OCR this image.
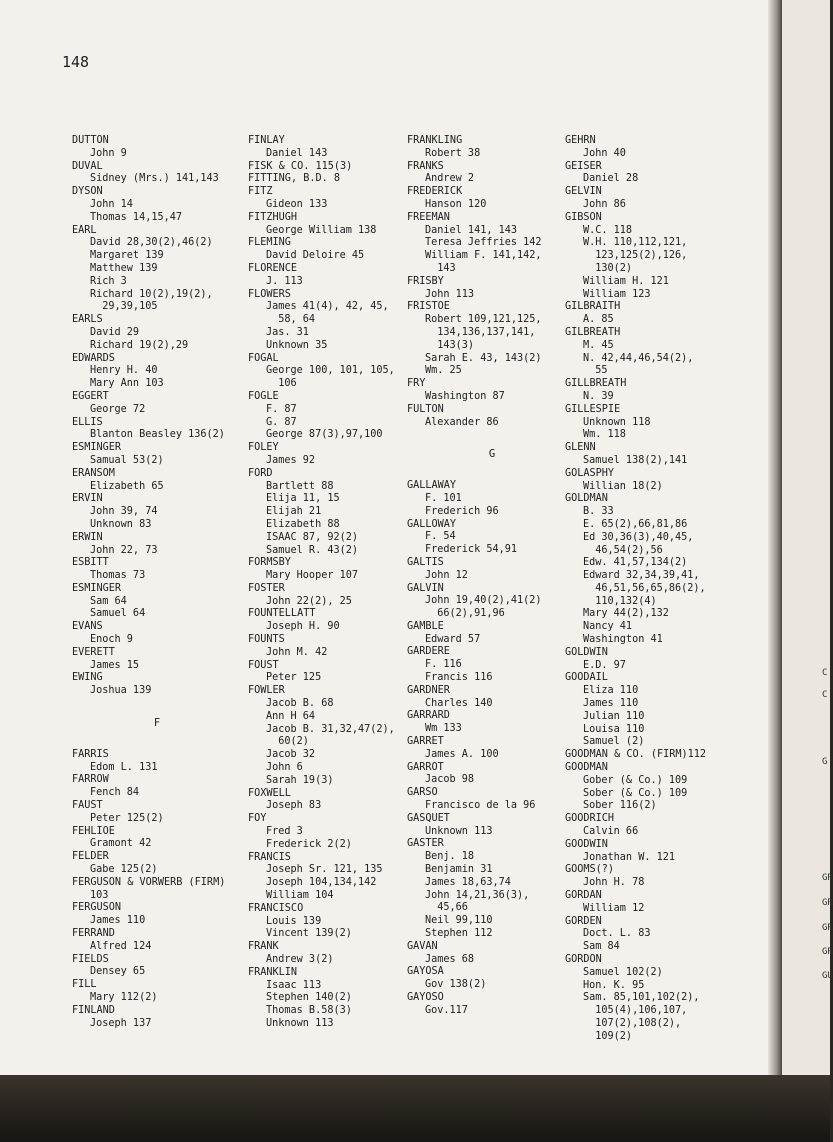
148
DUTTON
John 9
DUVAL
Sidney (Mrs.) 141,143
DYSON
John 14
Thomas 14,15,47
EARL
David 28,30(2),46(2)
Margaret 139
Matthew 139
Rich 3
Richard 10(2),19(2),
29,39,105
EARLS
David 29
Richard 19(2),29
EDWARDS
Henry H. 40
Mary Ann 103
EGGERT
George 72
ELLIS
Blanton Beasley 136(2)
ESMINGER
Samual 53(2)
ERANSOM
Elizabeth 65
ERVIN
John 39, 74
Unknown 83
ERWIN
John 22, 73
ESBITT
Thomas 73
ESMINGER
Sam 64
Samuel 64
EVANS
Enoch 9
EVERETT
James 15
EWING
Joshua 139
F
FARRIS
Edom L. 131
FARROW
Fench 84
FAUST
Peter 125(2)
FEHLIOE
Gramont 42
FELDER
Gabe 125(2)
FERGUSON & VORWERB (FIRM)
103
FERGUSON
James 110
FERRAND
Alfred 124
FIELDS
Densey 65
FILL
Mary 112(2)
FINLAND
Joseph 137
FINLAY
Daniel 143
FISK & CO. 115(3)
FITTING, B.D. 8
FITZ
Gideon 133
FITZHUGH
George William 138
FLEMING
David Deloire 45
FLORENCE
J. 113
FLOWERS
James 41(4), 42, 45,
58, 64
Jas. 31
Unknown 35
FOGAL
George 100, 101, 105,
106
FOGLE
F. 87
G. 87
George 87(3),97,100
FOLEY
James 92
FORD
Bartlett 88
Elija 11, 15
Elijah 21
Elizabeth 88
ISAAC 87, 92(2)
Samuel R. 43(2)
FORMSBY
Mary Hooper 107
FOSTER
John 22(2), 25
FOUNTELLATT
Joseph H. 90
FOUNTS
John M. 42
FOUST
Peter 125
FOWLER
Jacob B. 68
Ann H 64
Jacob B. 31,32,47(2),
60(2)
Jacob 32
John 6
Sarah 19(3)
FOXWELL
Joseph 83
FOY
Fred 3
Frederick 2(2)
FRANCIS
Joseph Sr. 121, 135
Joseph 104,134,142
William 104
FRANCISCO
Louis 139
Vincent 139(2)
FRANK
Andrew 3(2)
FRANKLIN
Isaac 113
Stephen 140(2)
Thomas B.58(3)
Unknown 113
FRANKLING
Robert 38
FRANKS
Andrew 2
FREDERICK
Hanson 120
FREEMAN
Daniel 141, 143
Teresa Jeffries 142
William F. 141,142,
143
FRISBY
John 113
FRISTOE
Robert 109,121,125,
134,136,137,141,
143(3)
Sarah E. 43, 143(2)
Wm. 25
FRY
Washington 87
FULTON
Alexander 86
G
GALLAWAY
F. 101
Frederich 96
GALLOWAY
F. 54
Frederick 54,91
GALTIS
John 12
GALVIN
John 19,40(2),41(2)
66(2),91,96
GAMBLE
Edward 57
GARDERE
F. 116
Francis 116
GARDNER
Charles 140
GARRARD
Wm 133
GARRET
James A. 100
GARROT
Jacob 98
GARSO
Francisco de la 96
GASQUET
Unknown 113
GASTER
Benj. 18
Benjamin 31
James 18,63,74
John 14,21,36(3),
45,66
Neil 99,110
Stephen 112
GAVAN
James 68
GAYOSA
Gov 138(2)
GAYOSO
Gov.117
GEHRN
John 40
GEISER
Daniel 28
GELVIN
John 86
GIBSON
W.C. 118
W.H. 110,112,121,
123,125(2),126,
130(2)
William H. 121
William 123
GILBRAITH
A. 85
GILBREATH
M. 45
N. 42,44,46,54(2),
55
GILLBREATH
N. 39
GILLESPIE
Unknown 118
Wm. 118
GLENN
Samuel 138(2),141
GOLASPHY
Willian 18(2)
GOLDMAN
B. 33
E. 65(2),66,81,86
Ed 30,36(3),40,45,
46,54(2),56
Edw. 41,57,134(2)
Edward 32,34,39,41,
46,51,56,65,86(2),
110,132(4)
Mary 44(2),132
Nancy 41
Washington 41
GOLDWIN
E.D. 97
GOODAIL
Eliza 110
James 110
Julian 110
Louisa 110
Samuel (2)
GOODMAN & CO. (FIRM)112
GOODMAN
Gober (& Co.) 109
Sober (& Co.) 109
Sober 116(2)
GOODRICH
Calvin 66
GOODWIN
Jonathan W. 121
GOOMS(?)
John H. 78
GORDAN
William 12
GORDEN
Doct. L. 83
Sam 84
GORDON
Samuel 102(2)
Hon. K. 95
Sam. 85,101,102(2),
105(4),106,107,
107(2),108(2),
109(2)
C
C
G
GR
GR
GR
GR
GU
